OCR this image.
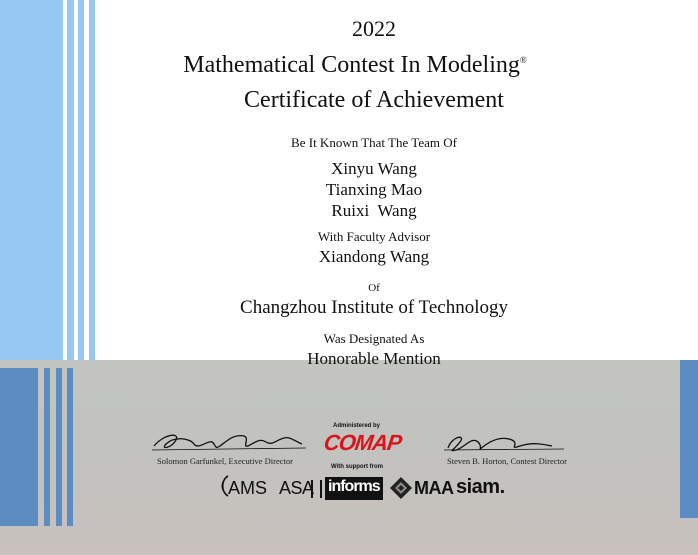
2022
Mathematical Contest In Modeling®
Certificate of Achievement
Be It Known That The Team Of
Xinyu Wang
Tianxing Mao
Ruixi  Wang
With Faculty Advisor
Xiandong Wang
Of
Changzhou Institute of Technology
Was Designated As
Honorable Mention
Solomon Garfunkel, Executive Director	Steven B. Horton, Contest Director
Administered by
COMAP
With support from
AMS ASA informs MAA siam.
